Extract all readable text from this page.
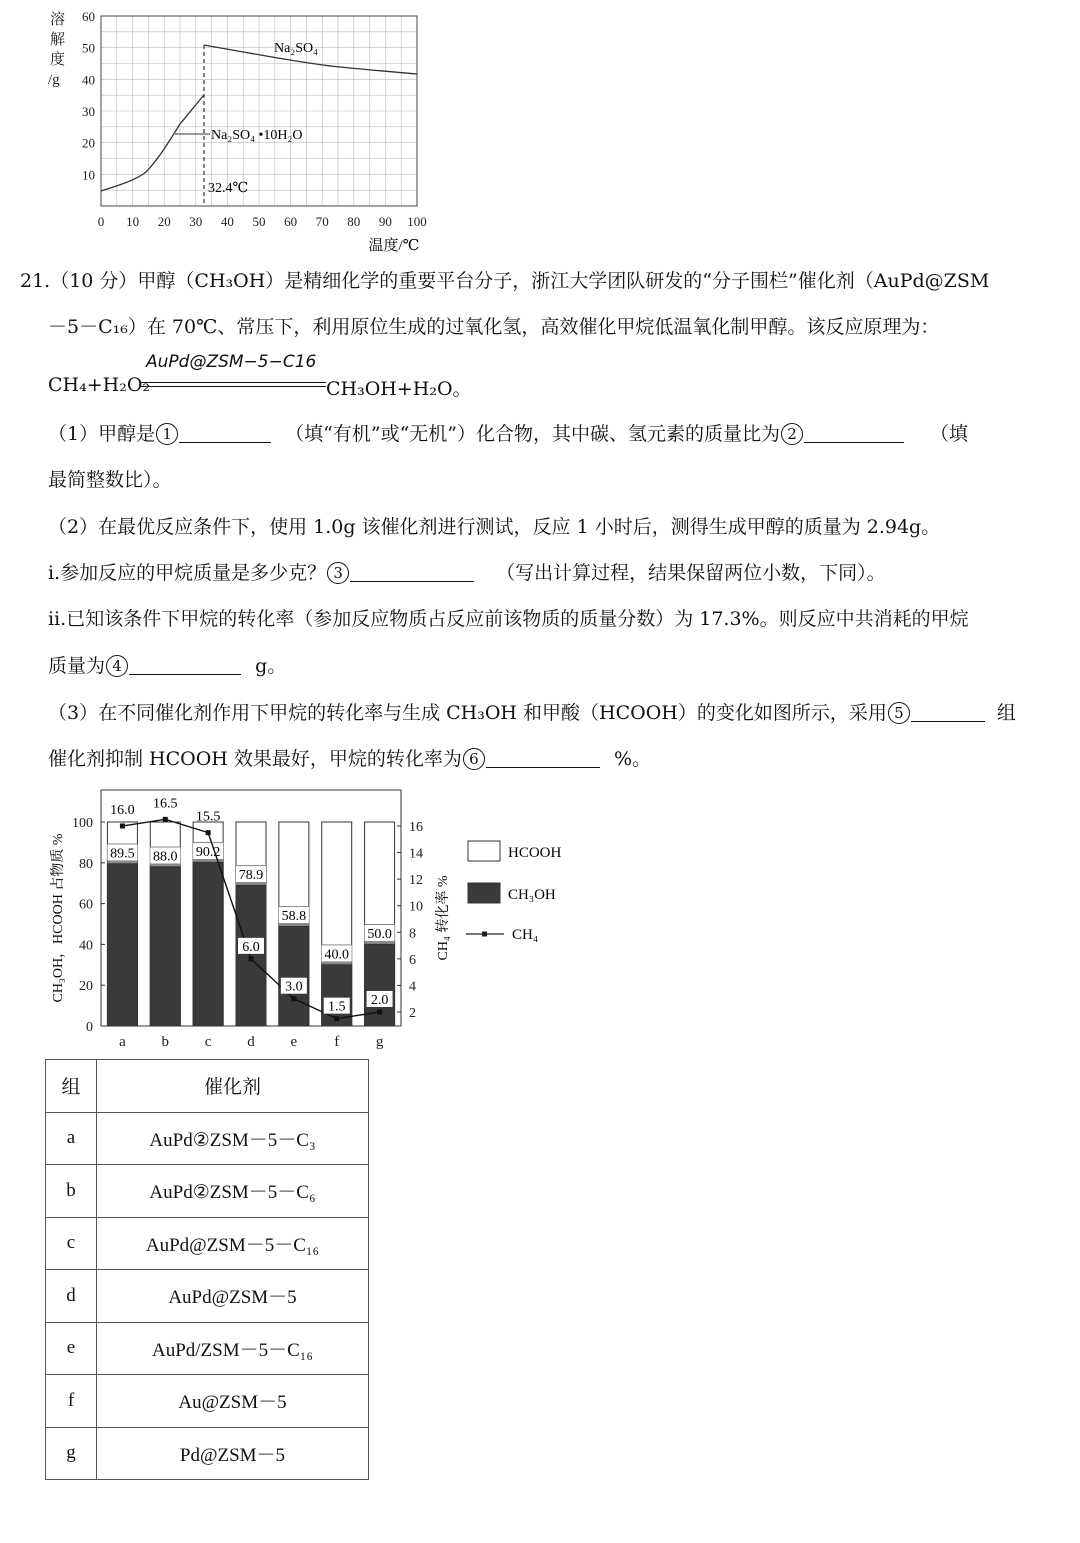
溶
解
度
/g
0 10 20 30 40 50 60 70 80 90 100
10
20
30
40
50
60
Na₂SO₄
Na₂SO₄ •10H₂O
32.4℃
温度/℃
21.（10 分）甲醇（CH₃OH）是精细化学的重要平台分子，浙江大学团队研发的“分子围栏”催化剂（AuPd@ZSM
－5－C₁₆）在 70℃、常压下，利用原位生成的过氧化氢，高效催化甲烷低温氧化制甲醇。该反应原理为：
AuPd@ZSM−5−C16
CH₄+H₂O₂	CH₃OH+H₂O。
（1）甲醇是 1	（填“有机”或“无机”）化合物，其中碳、氢元素的质量比为 2	（填
最简整数比）。
（2）在最优反应条件下，使用 1.0g 该催化剂进行测试，反应 1 小时后，测得生成甲醇的质量为 2.94g。
ⅰ.参加反应的甲烷质量是多少克？ 3	（写出计算过程，结果保留两位小数，下同）。
ⅱ.已知该条件下甲烷的转化率（参加反应物质占反应前该物质的质量分数）为 17.3%。则反应中共消耗的甲烷
质量为 4	g。
（3）在不同催化剂作用下甲烷的转化率与生成 CH₃OH 和甲酸（HCOOH）的变化如图所示，采用 5	组
催化剂抑制 HCOOH 效果最好，甲烷的转化率为 6	%。
CH₃OH，HCOOH 占物质 %	CH₄ 转化率 %
89.5 88.0 90.2
78.9
58.8
40.0
50.0
16.0 16.5
15.5
6.0
3.0
1.5 2.0
a b c d e f g
0
20
40
60
80
100
2
4
6
8
10
12
14
16
HCOOH
CH₃OH
CH₄
组	催化剂
a	AuPd②ZSM－5－C₃
b	AuPd②ZSM－5－C₆
c	AuPd@ZSM－5－C₁₆
d	AuPd@ZSM－5
e	AuPd/ZSM－5－C₁₆
f	Au@ZSM－5
g	Pd@ZSM－5
